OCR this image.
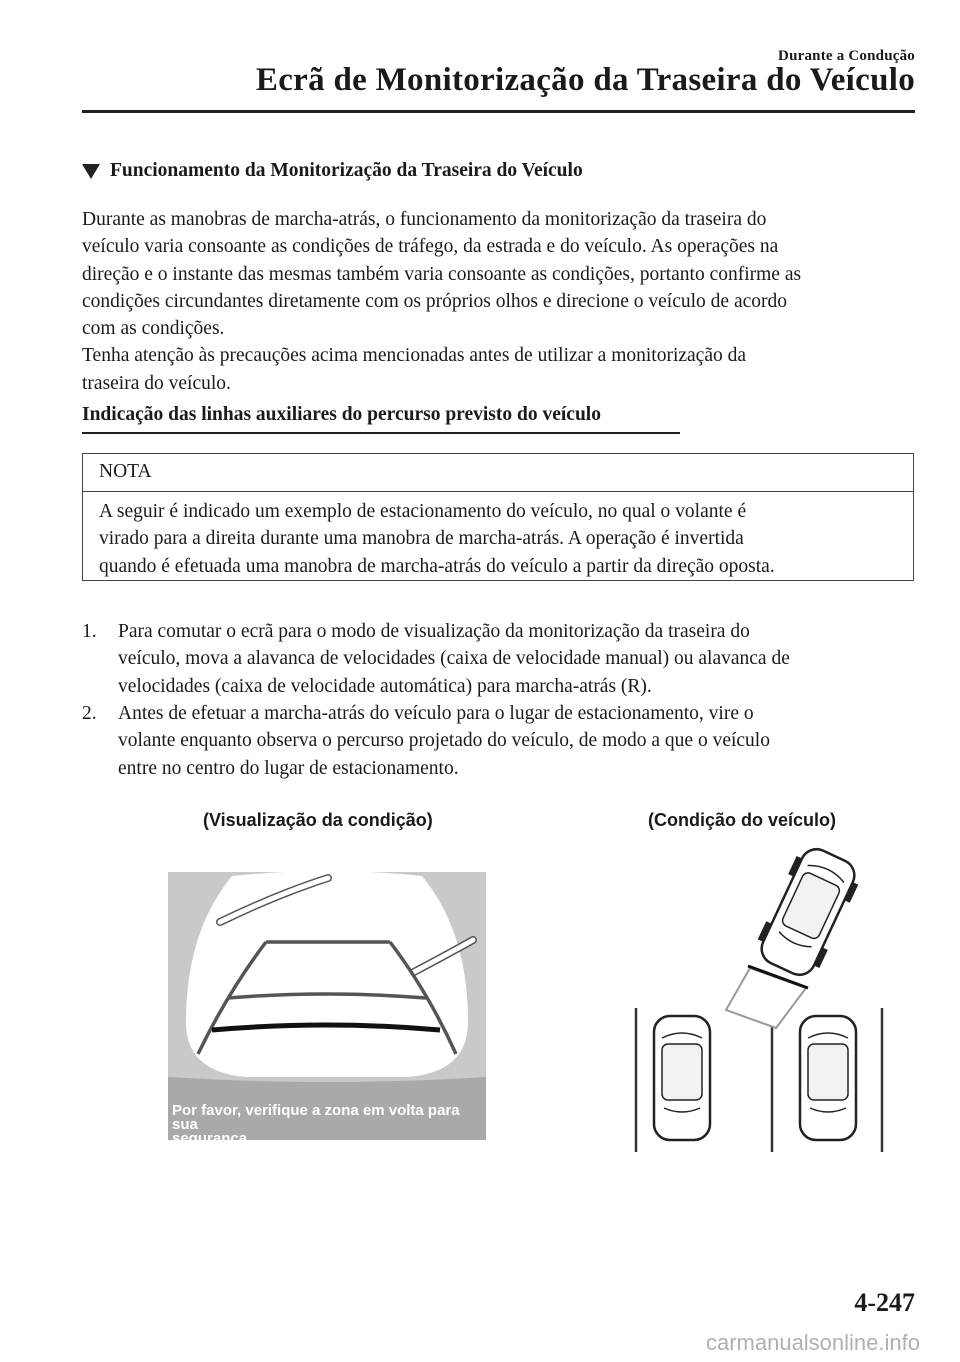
Durante a Condução
Ecrã de Monitorização da Traseira do Veículo
Funcionamento da Monitorização da Traseira do Veículo
Durante as manobras de marcha-atrás, o funcionamento da monitorização da traseira do
veículo varia consoante as condições de tráfego, da estrada e do veículo. As operações na
direção e o instante das mesmas também varia consoante as condições, portanto confirme as
condições circundantes diretamente com os próprios olhos e direcione o veículo de acordo
com as condições.
Tenha atenção às precauções acima mencionadas antes de utilizar a monitorização da
traseira do veículo.
Indicação das linhas auxiliares do percurso previsto do veículo
NOTA
A seguir é indicado um exemplo de estacionamento do veículo, no qual o volante é
virado para a direita durante uma manobra de marcha-atrás. A operação é invertida
quando é efetuada uma manobra de marcha-atrás do veículo a partir da direção oposta.
1.	Para comutar o ecrã para o modo de visualização da monitorização da traseira do
veículo, mova a alavanca de velocidades (caixa de velocidade manual) ou alavanca de
velocidades (caixa de velocidade automática) para marcha-atrás (R).
2.	Antes de efetuar a marcha-atrás do veículo para o lugar de estacionamento, vire o
volante enquanto observa o percurso projetado do veículo, de modo a que o veículo
entre no centro do lugar de estacionamento.
(Visualização da condição)	(Condição do veículo)
Por favor, verifique a zona em volta para sua
segurança.
4-247
carmanualsonline.info
